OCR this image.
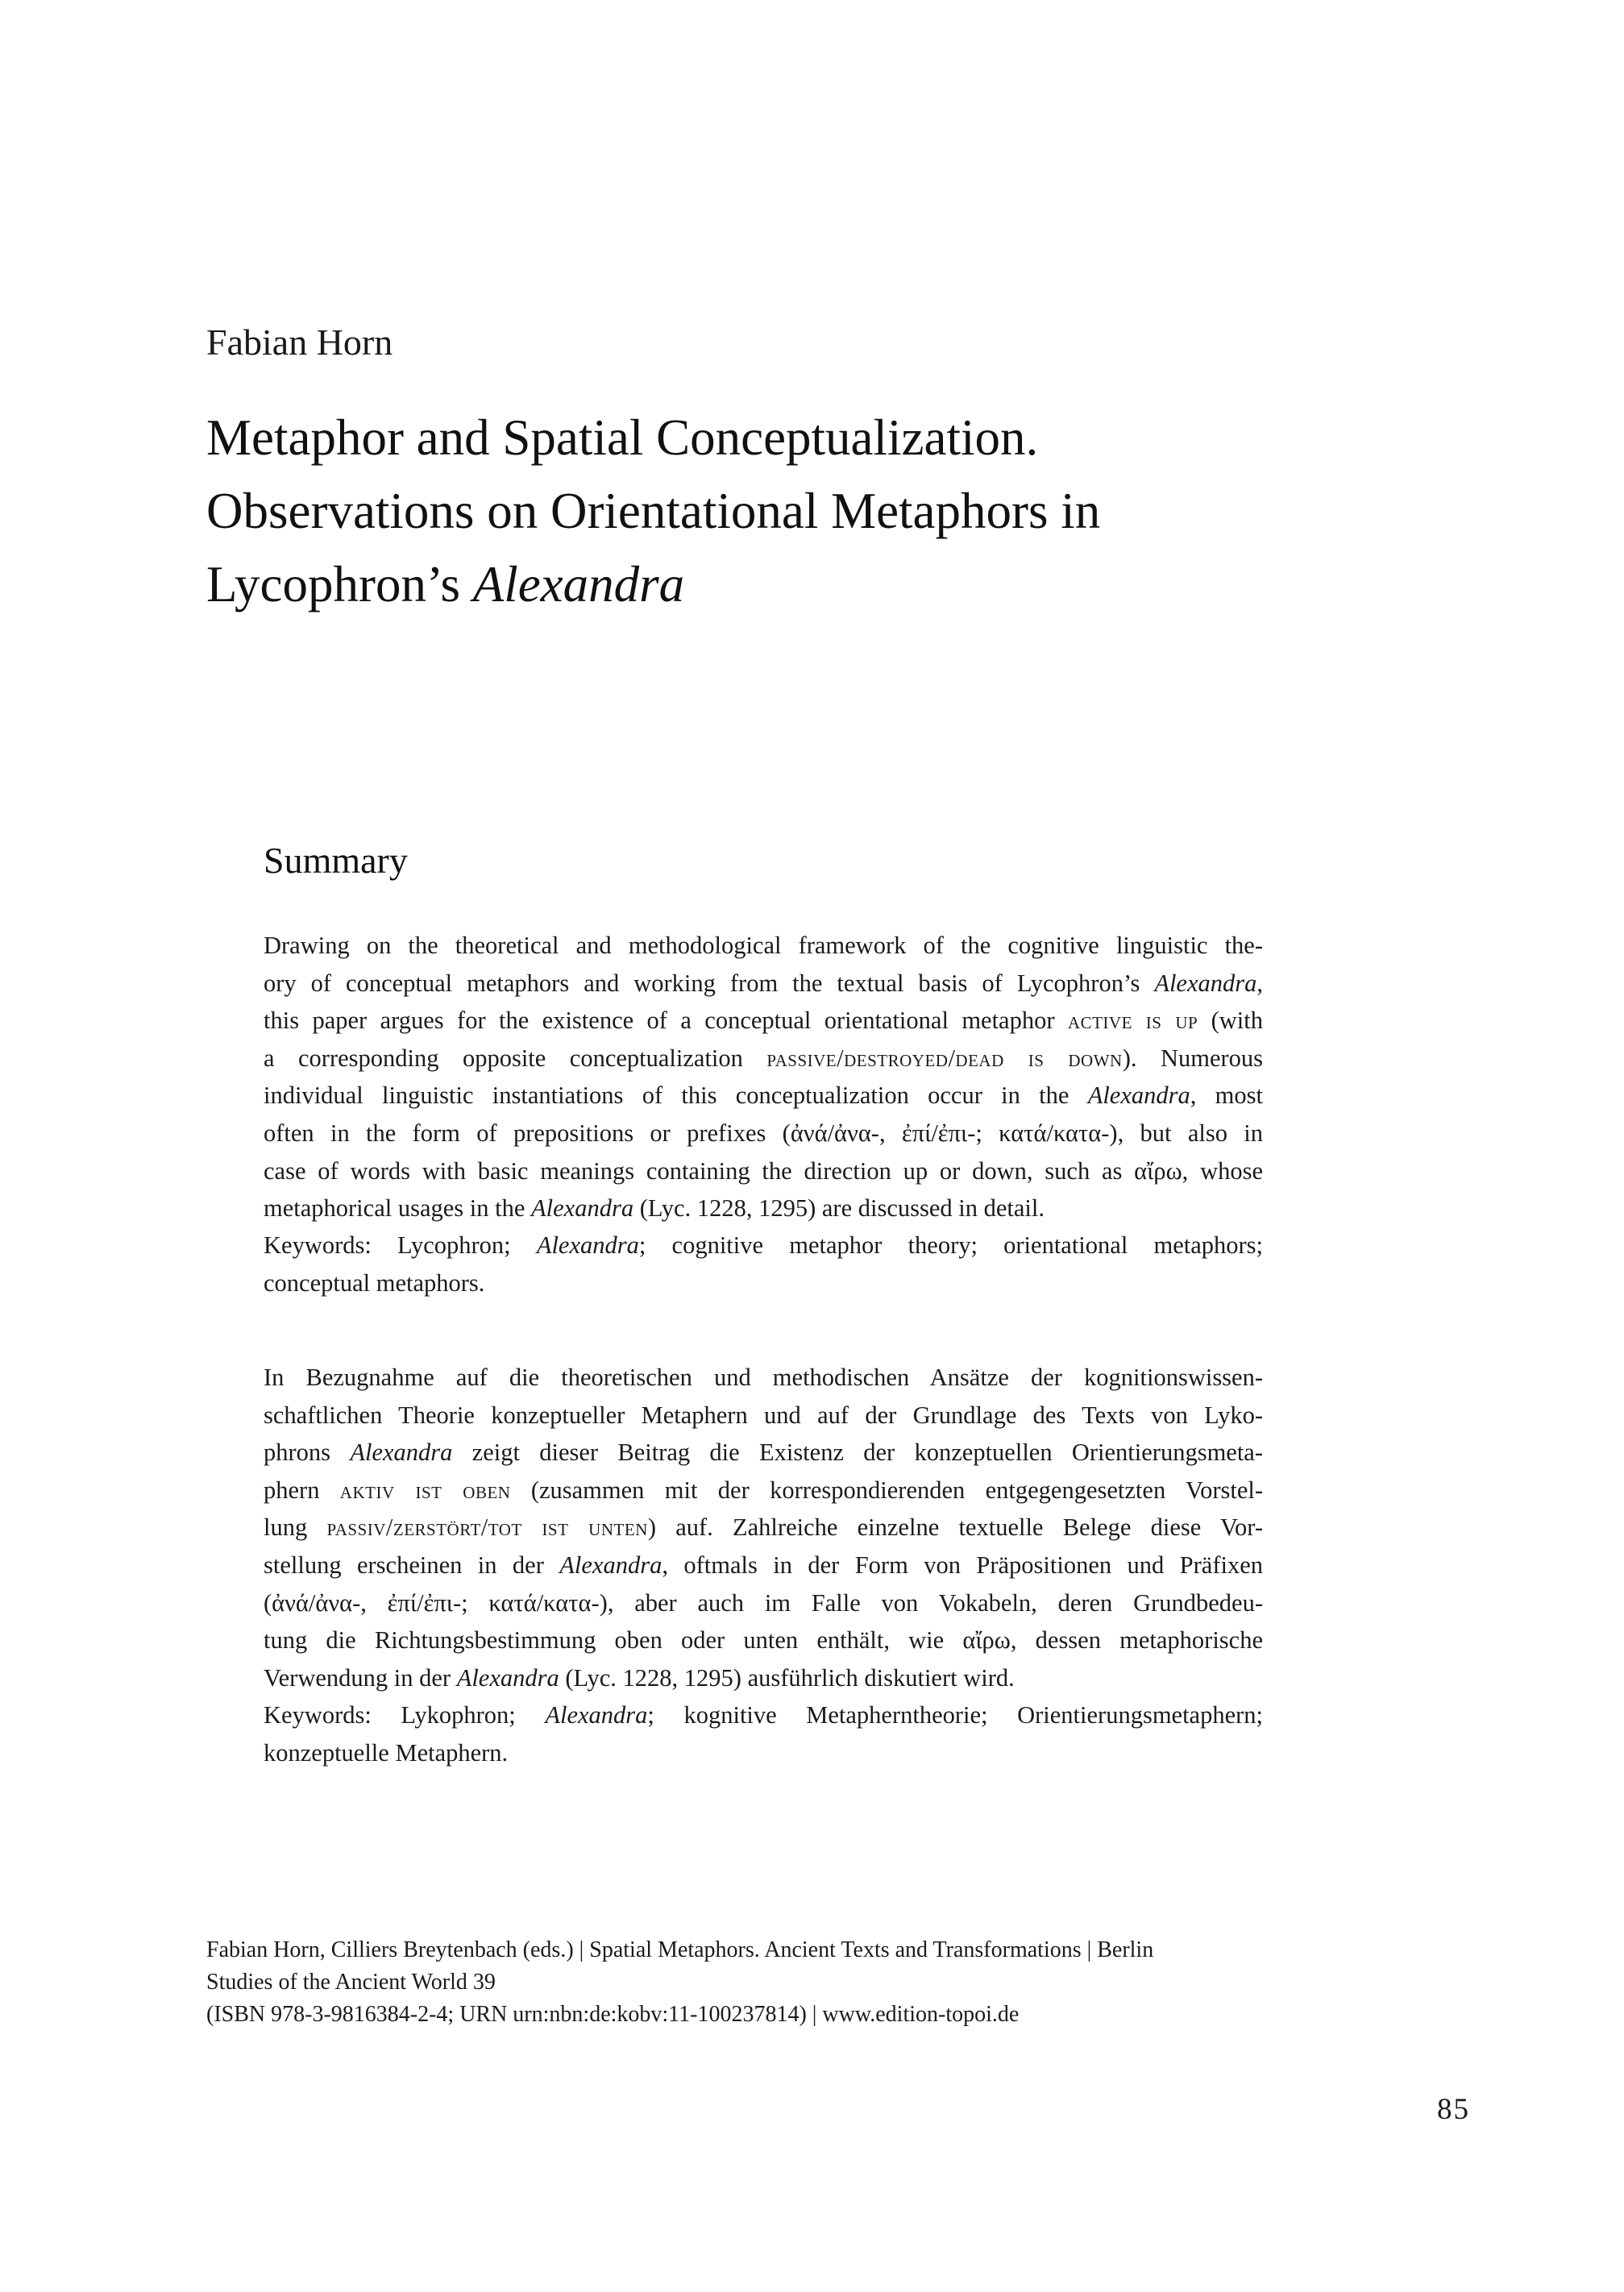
Fabian Horn
Metaphor and Spatial Conceptualization.
Observations on Orientational Metaphors in
Lycophron’s Alexandra
Summary
Drawing on the theoretical and methodological framework of the cognitive linguistic the-
ory of conceptual metaphors and working from the textual basis of Lycophron’s Alexandra,
this paper argues for the existence of a conceptual orientational metaphor active is up (with
a corresponding opposite conceptualization passive/destroyed/dead is down). Numerous
individual linguistic instantiations of this conceptualization occur in the Alexandra, most
often in the form of prepositions or prefixes (ἀνά/ἀνα-, ἐπί/ἐπι-; κατά/κατα-), but also in
case of words with basic meanings containing the direction up or down, such as αἴρω, whose
metaphorical usages in the Alexandra (Lyc. 1228, 1295) are discussed in detail.
Keywords: Lycophron; Alexandra; cognitive metaphor theory; orientational metaphors;
conceptual metaphors.
In Bezugnahme auf die theoretischen und methodischen Ansätze der kognitionswissen-
schaftlichen Theorie konzeptueller Metaphern und auf der Grundlage des Texts von Lyko-
phrons Alexandra zeigt dieser Beitrag die Existenz der konzeptuellen Orientierungsmeta-
phern aktiv ist oben (zusammen mit der korrespondierenden entgegengesetzten Vorstel-
lung passiv/zerstört/tot ist unten) auf. Zahlreiche einzelne textuelle Belege diese Vor-
stellung erscheinen in der Alexandra, oftmals in der Form von Präpositionen und Präfixen
(ἀνά/ἀνα-, ἐπί/ἐπι-; κατά/κατα-), aber auch im Falle von Vokabeln, deren Grundbedeu-
tung die Richtungsbestimmung oben oder unten enthält, wie αἴρω, dessen metaphorische
Verwendung in der Alexandra (Lyc. 1228, 1295) ausführlich diskutiert wird.
Keywords: Lykophron; Alexandra; kognitive Metapherntheorie; Orientierungsmetaphern;
konzeptuelle Metaphern.
Fabian Horn, Cilliers Breytenbach (eds.) | Spatial Metaphors. Ancient Texts and Transformations | Berlin
Studies of the Ancient World 39
(ISBN 978-3-9816384-2-4; URN urn:nbn:de:kobv:11-100237814) | www.edition-topoi.de
85
